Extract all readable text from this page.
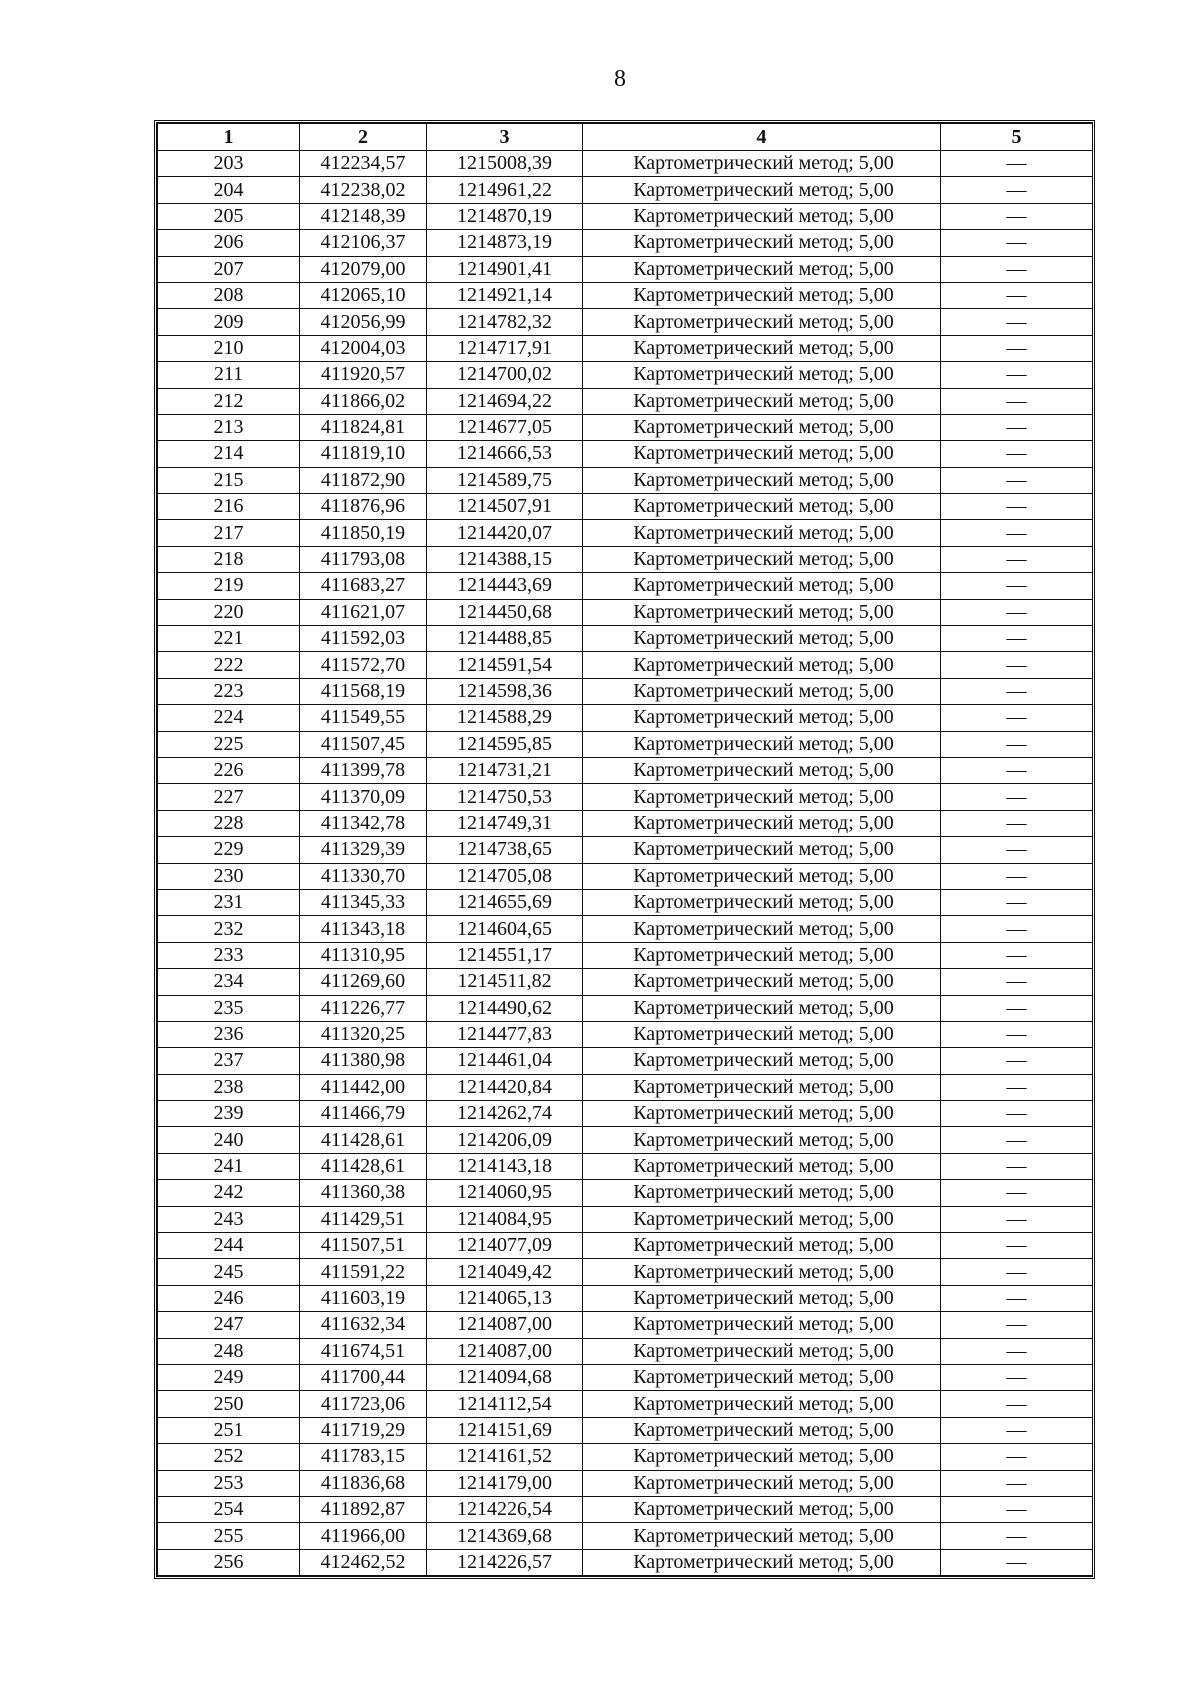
8
1	2	3	4	5
203	412234,57	1215008,39	Картометрический метод; 5,00	—
204	412238,02	1214961,22	Картометрический метод; 5,00	—
205	412148,39	1214870,19	Картометрический метод; 5,00	—
206	412106,37	1214873,19	Картометрический метод; 5,00	—
207	412079,00	1214901,41	Картометрический метод; 5,00	—
208	412065,10	1214921,14	Картометрический метод; 5,00	—
209	412056,99	1214782,32	Картометрический метод; 5,00	—
210	412004,03	1214717,91	Картометрический метод; 5,00	—
211	411920,57	1214700,02	Картометрический метод; 5,00	—
212	411866,02	1214694,22	Картометрический метод; 5,00	—
213	411824,81	1214677,05	Картометрический метод; 5,00	—
214	411819,10	1214666,53	Картометрический метод; 5,00	—
215	411872,90	1214589,75	Картометрический метод; 5,00	—
216	411876,96	1214507,91	Картометрический метод; 5,00	—
217	411850,19	1214420,07	Картометрический метод; 5,00	—
218	411793,08	1214388,15	Картометрический метод; 5,00	—
219	411683,27	1214443,69	Картометрический метод; 5,00	—
220	411621,07	1214450,68	Картометрический метод; 5,00	—
221	411592,03	1214488,85	Картометрический метод; 5,00	—
222	411572,70	1214591,54	Картометрический метод; 5,00	—
223	411568,19	1214598,36	Картометрический метод; 5,00	—
224	411549,55	1214588,29	Картометрический метод; 5,00	—
225	411507,45	1214595,85	Картометрический метод; 5,00	—
226	411399,78	1214731,21	Картометрический метод; 5,00	—
227	411370,09	1214750,53	Картометрический метод; 5,00	—
228	411342,78	1214749,31	Картометрический метод; 5,00	—
229	411329,39	1214738,65	Картометрический метод; 5,00	—
230	411330,70	1214705,08	Картометрический метод; 5,00	—
231	411345,33	1214655,69	Картометрический метод; 5,00	—
232	411343,18	1214604,65	Картометрический метод; 5,00	—
233	411310,95	1214551,17	Картометрический метод; 5,00	—
234	411269,60	1214511,82	Картометрический метод; 5,00	—
235	411226,77	1214490,62	Картометрический метод; 5,00	—
236	411320,25	1214477,83	Картометрический метод; 5,00	—
237	411380,98	1214461,04	Картометрический метод; 5,00	—
238	411442,00	1214420,84	Картометрический метод; 5,00	—
239	411466,79	1214262,74	Картометрический метод; 5,00	—
240	411428,61	1214206,09	Картометрический метод; 5,00	—
241	411428,61	1214143,18	Картометрический метод; 5,00	—
242	411360,38	1214060,95	Картометрический метод; 5,00	—
243	411429,51	1214084,95	Картометрический метод; 5,00	—
244	411507,51	1214077,09	Картометрический метод; 5,00	—
245	411591,22	1214049,42	Картометрический метод; 5,00	—
246	411603,19	1214065,13	Картометрический метод; 5,00	—
247	411632,34	1214087,00	Картометрический метод; 5,00	—
248	411674,51	1214087,00	Картометрический метод; 5,00	—
249	411700,44	1214094,68	Картометрический метод; 5,00	—
250	411723,06	1214112,54	Картометрический метод; 5,00	—
251	411719,29	1214151,69	Картометрический метод; 5,00	—
252	411783,15	1214161,52	Картометрический метод; 5,00	—
253	411836,68	1214179,00	Картометрический метод; 5,00	—
254	411892,87	1214226,54	Картометрический метод; 5,00	—
255	411966,00	1214369,68	Картометрический метод; 5,00	—
256	412462,52	1214226,57	Картометрический метод; 5,00	—
